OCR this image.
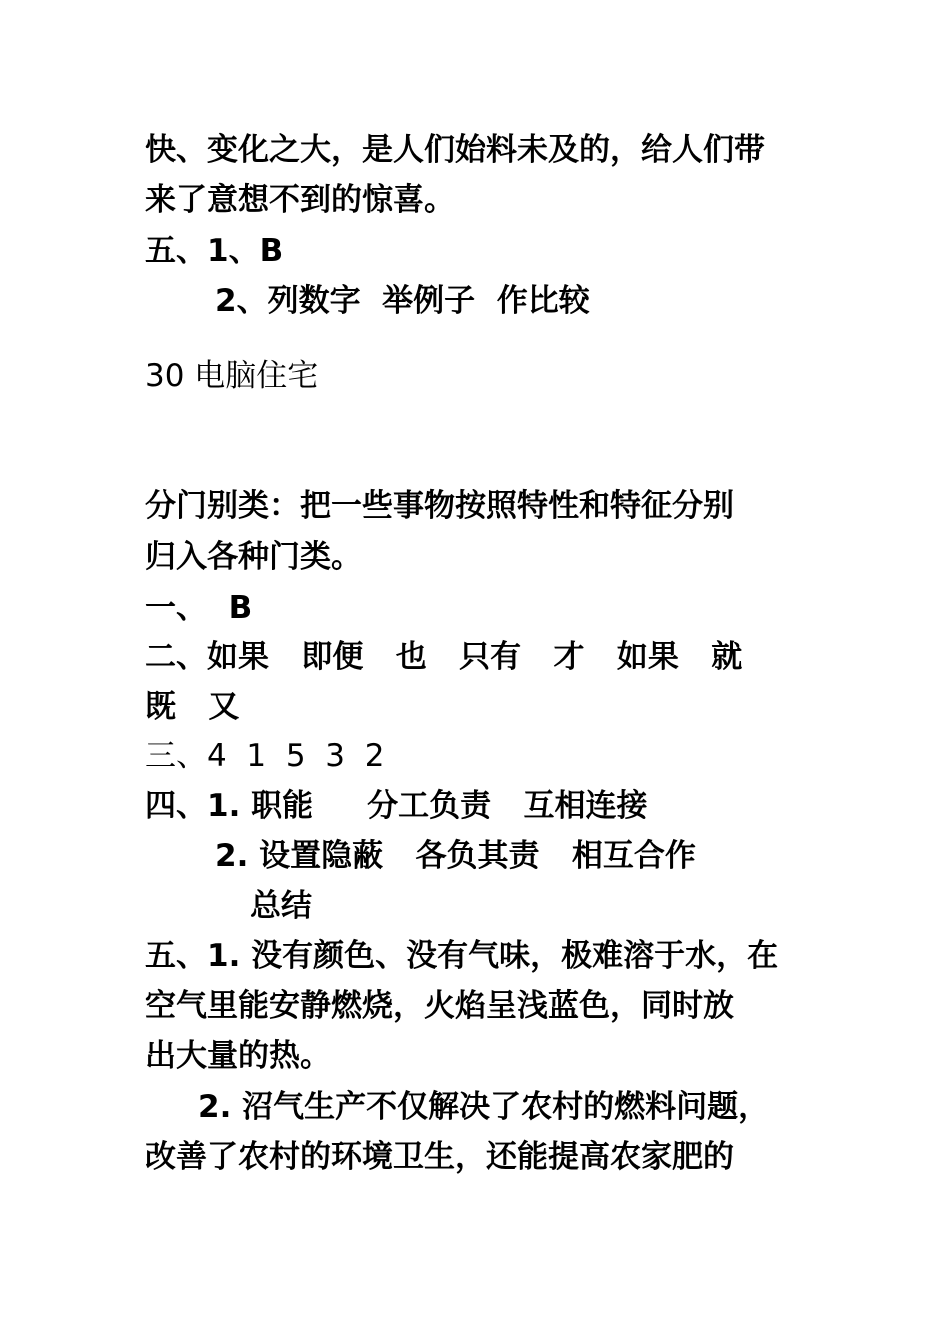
快、变化之大，是人们始料未及的，给人们带
来了意想不到的惊喜。
五、1、B
2、列数字  举例子  作比较
30 电脑住宅
分门别类：把一些事物按照特性和特征分别
归入各种门类。
一、  B
二、如果   即便   也   只有   才   如果   就
既   又
三、4  1  5  3  2
四、1. 职能     分工负责   互相连接
2. 设置隐蔽   各负其责   相互合作
总结
五、1. 没有颜色、没有气味，极难溶于水，在
空气里能安静燃烧，火焰呈浅蓝色，同时放
出大量的热。
2. 沼气生产不仅解决了农村的燃料问题，
改善了农村的环境卫生，还能提高农家肥的
